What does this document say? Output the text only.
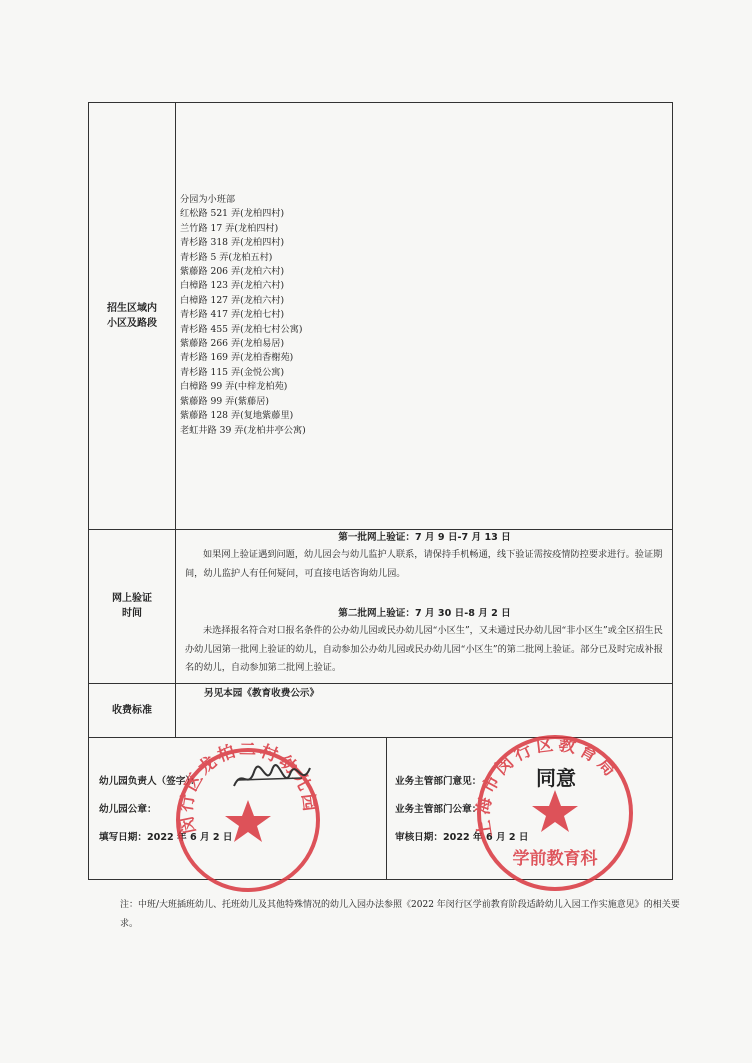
招生区域内
小区及路段
分园为小班部
红松路 521 弄(龙柏四村)
兰竹路 17 弄(龙柏四村)
青杉路 318 弄(龙柏四村)
青杉路 5 弄(龙柏五村)
紫藤路 206 弄(龙柏六村)
白樟路 123 弄(龙柏六村)
白樟路 127 弄(龙柏六村)
青杉路 417 弄(龙柏七村)
青杉路 455 弄(龙柏七村公寓)
紫藤路 266 弄(龙柏易居)
青杉路 169 弄(龙柏香榭苑)
青杉路 115 弄(金悦公寓)
白樟路 99 弄(中梓龙柏苑)
紫藤路 99 弄(紫藤居)
紫藤路 128 弄(复地紫藤里)
老虹井路 39 弄(龙柏井亭公寓)
网上验证
时间
第一批网上验证：7 月 9 日-7 月 13 日
如果网上验证遇到问题，幼儿园会与幼儿监护人联系，请保持手机畅通，线下验证需按疫情防控要求进行。验证期间，幼儿监护人有任何疑问，可直接电话咨询幼儿园。
第二批网上验证：7 月 30 日-8 月 2 日
未选择报名符合对口报名条件的公办幼儿园或民办幼儿园“小区生”，又未通过民办幼儿园“非小区生”或全区招生民办幼儿园第一批网上验证的幼儿，自动参加公办幼儿园或民办幼儿园“小区生”的第二批网上验证。部分已及时完成补报名的幼儿，自动参加第二批网上验证。
收费标准
另见本园《教育收费公示》
幼儿园负责人（签字）：
幼儿园公章：
填写日期：2022 年 6 月 2 日
业务主管部门意见：
业务主管部门公章：
审核日期：2022 年 6 月 2 日
闵行区龙柏二村幼儿园
上海市闵行区教育局
学前教育科
同意
注：中班/大班插班幼儿、托班幼儿及其他特殊情况的幼儿入园办法参照《2022 年闵行区学前教育阶段适龄幼儿入园工作实施意见》的相关要求。
